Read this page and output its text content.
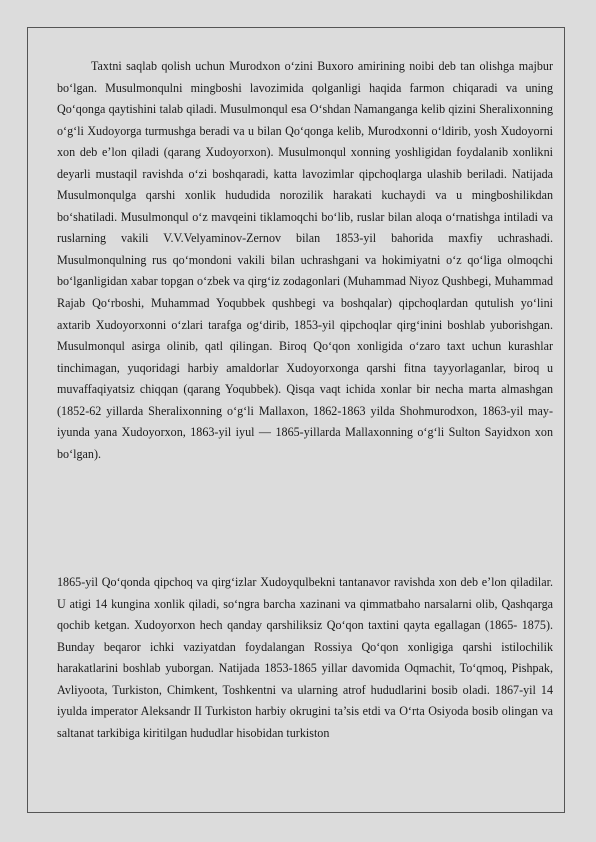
Taxtni saqlab qolish uchun Murodxon o‘zini Buxoro amirining noibi deb tan olishga majbur bo‘lgan. Musulmonqulni mingboshi lavozimida qolganligi haqida farmon chiqaradi va uning Qo‘qonga qaytishini talab qiladi. Musulmonqul esa O‘shdan Namanganga kelib qizini Sheralixonning o‘g‘li Xudoyorga turmushga beradi va u bilan Qo‘qonga kelib, Murodxonni o‘ldirib, yosh Xudoyorni xon deb e’lon qiladi (qarang Xudoyorxon). Musulmonqul xonning yoshligidan foydalanib xonlikni deyarli mustaqil ravishda o‘zi boshqaradi, katta lavozimlar qipchoqlarga ulashib beriladi. Natijada Musulmonqulga qarshi xonlik hududida norozilik harakati kuchaydi va u mingboshilikdan bo‘shatiladi. Musulmonqul o‘z mavqeini tiklamoqchi bo‘lib, ruslar bilan aloqa o‘rnatishga intiladi va ruslarning vakili V.V.Velyaminov-Zernov bilan 1853-yil bahorida maxfiy uchrashadi. Musulmonqulning rus qo‘mondoni vakili bilan uchrashgani va hokimiyatni o‘z qo‘liga olmoqchi bo‘lganligidan xabar topgan o‘zbek va qirg‘iz zodagonlari (Muhammad Niyoz Qushbegi, Muhammad Rajab Qo‘rboshi, Muhammad Yoqubbek qushbegi va boshqalar) qipchoqlardan qutulish yo‘lini axtarib Xudoyorxonni o‘zlari tarafga og‘dirib, 1853-yil qipchoqlar qirg‘inini boshlab yuborishgan. Musulmonqul asirga olinib, qatl qilingan. Biroq Qo‘qon xonligida o‘zaro taxt uchun kurashlar tinchimagan, yuqoridagi harbiy amaldorlar Xudoyorxonga qarshi fitna tayyorlaganlar, biroq u muvaffaqiyatsiz chiqqan (qarang Yoqubbek). Qisqa vaqt ichida xonlar bir necha marta almashgan (1852-62 yillarda Sheralixonning o‘g‘li Mallaxon, 1862-1863 yilda Shohmurodxon, 1863-yil may-iyunda yana Xudoyorxon, 1863-yil iyul — 1865-yillarda Mallaxonning o‘g‘li Sulton Sayidxon xon bo‘lgan).

1865-yil Qo‘qonda qipchoq va qirg‘izlar Xudoyqulbekni tantanavor ravishda xon deb e’lon qiladilar. U atigi 14 kungina xonlik qiladi, so‘ngra barcha xazinani va qimmatbaho narsalarni olib, Qashqarga qochib ketgan. Xudoyorxon hech qanday qarshiliksiz Qo‘qon taxtini qayta egallagan (1865- 1875). Bunday beqaror ichki vaziyatdan foydalangan Rossiya Qo‘qon xonligiga qarshi istilochilik harakatlarini boshlab yuborgan. Natijada 1853-1865 yillar davomida Oqmachit, To‘qmoq, Pishpak, Avliyoota, Turkiston, Chimkent, Toshkentni va ularning atrof hududlarini bosib oladi. 1867-yil 14 iyulda imperator Aleksandr II Turkiston harbiy okrugini ta’sis etdi va O‘rta Osiyoda bosib olingan va saltanat tarkibiga kiritilgan hududlar hisobidan turkiston
